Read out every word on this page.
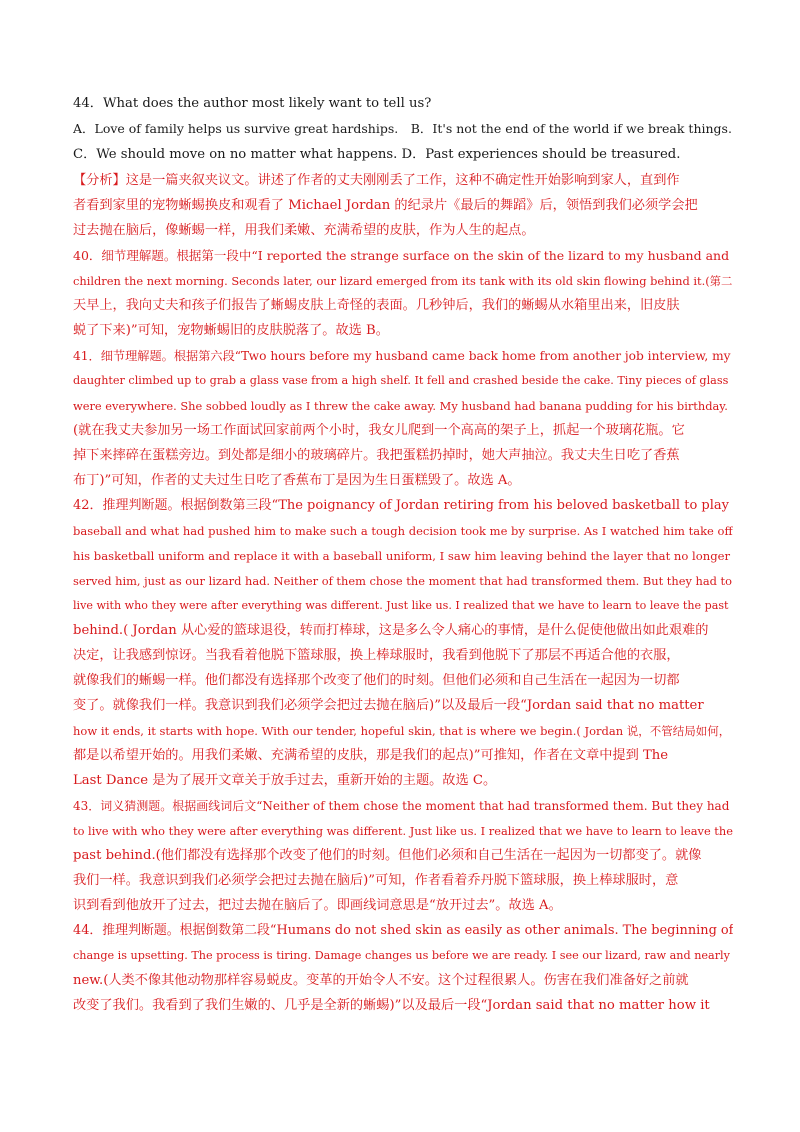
44．What does the author most likely want to tell us?
A．Love of family helps us survive great hardships.　B．It's not the end of the world if we break things.
C．We should move on no matter what happens. D．Past experiences should be treasured.
【分析】这是一篇夹叙夹议文。讲述了作者的丈夫刚刚丢了工作，这种不确定性开始影响到家人，直到作
者看到家里的宠物蜥蜴换皮和观看了 Michael Jordan 的纪录片《最后的舞蹈》后，领悟到我们必须学会把
过去抛在脑后，像蜥蜴一样，用我们柔嫩、充满希望的皮肤，作为人生的起点。
40．细节理解题。根据第一段中“I reported the strange surface on the skin of the lizard to my husband and
children the next morning. Seconds later, our lizard emerged from its tank with its old skin flowing behind it.(第二
天早上，我向丈夫和孩子们报告了蜥蜴皮肤上奇怪的表面。几秒钟后，我们的蜥蜴从水箱里出来，旧皮肤
蜕了下来)”可知，宠物蜥蜴旧的皮肤脱落了。故选 B。
41．细节理解题。根据第六段“Two hours before my husband came back home from another job interview, my
daughter climbed up to grab a glass vase from a high shelf. It fell and crashed beside the cake. Tiny pieces of glass
were everywhere. She sobbed loudly as I threw the cake away. My husband had banana pudding for his birthday.
(就在我丈夫参加另一场工作面试回家前两个小时，我女儿爬到一个高高的架子上，抓起一个玻璃花瓶。它
掉下来摔碎在蛋糕旁边。到处都是细小的玻璃碎片。我把蛋糕扔掉时，她大声抽泣。我丈夫生日吃了香蕉
布丁)”可知，作者的丈夫过生日吃了香蕉布丁是因为生日蛋糕毁了。故选 A。
42．推理判断题。根据倒数第三段“The poignancy of Jordan retiring from his beloved basketball to play
baseball and what had pushed him to make such a tough decision took me by surprise. As I watched him take off
his basketball uniform and replace it with a baseball uniform, I saw him leaving behind the layer that no longer
served him, just as our lizard had. Neither of them chose the moment that had transformed them. But they had to
live with who they were after everything was different. Just like us. I realized that we have to learn to leave the past
behind.( Jordan 从心爱的篮球退役，转而打棒球，这是多么令人痛心的事情，是什么促使他做出如此艰难的
决定，让我感到惊讶。当我看着他脱下篮球服，换上棒球服时，我看到他脱下了那层不再适合他的衣服，
就像我们的蜥蜴一样。他们都没有选择那个改变了他们的时刻。但他们必须和自己生活在一起因为一切都
变了。就像我们一样。我意识到我们必须学会把过去抛在脑后)”以及最后一段“Jordan said that no matter
how it ends, it starts with hope. With our tender, hopeful skin, that is where we begin.( Jordan 说，不管结局如何，
都是以希望开始的。用我们柔嫩、充满希望的皮肤，那是我们的起点)”可推知，作者在文章中提到 The
Last Dance 是为了展开文章关于放手过去，重新开始的主题。故选 C。
43．词义猜测题。根据画线词后文“Neither of them chose the moment that had transformed them. But they had
to live with who they were after everything was different. Just like us. I realized that we have to learn to leave the
past behind.(他们都没有选择那个改变了他们的时刻。但他们必须和自己生活在一起因为一切都变了。就像
我们一样。我意识到我们必须学会把过去抛在脑后)”可知，作者看着乔丹脱下篮球服，换上棒球服时，意
识到看到他放开了过去，把过去抛在脑后了。即画线词意思是“放开过去”。故选 A。
44．推理判断题。根据倒数第二段“Humans do not shed skin as easily as other animals. The beginning of
change is upsetting. The process is tiring. Damage changes us before we are ready. I see our lizard, raw and nearly
new.(人类不像其他动物那样容易蜕皮。变革的开始令人不安。这个过程很累人。伤害在我们准备好之前就
改变了我们。我看到了我们生嫩的、几乎是全新的蜥蜴)”以及最后一段“Jordan said that no matter how it
